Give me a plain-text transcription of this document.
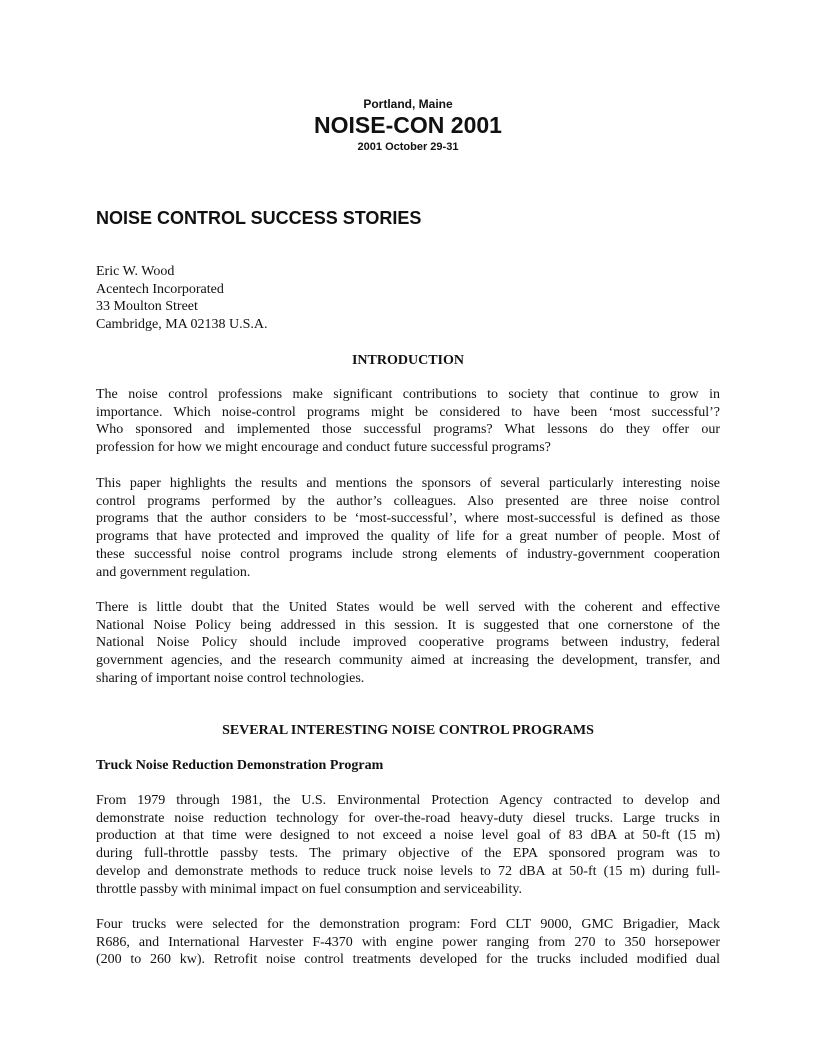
Portland, Maine
NOISE-CON 2001
2001 October 29-31
NOISE CONTROL SUCCESS STORIES
Eric W. Wood
Acentech Incorporated
33 Moulton Street
Cambridge, MA 02138 U.S.A.
INTRODUCTION
The noise control professions make significant contributions to society that continue to grow in
importance. Which noise-control programs might be considered to have been ‘most successful’?
Who sponsored and implemented those successful programs? What lessons do they offer our
profession for how we might encourage and conduct future successful programs?
This paper highlights the results and mentions the sponsors of several particularly interesting noise
control programs performed by the author’s colleagues. Also presented are three noise control
programs that the author considers to be ‘most-successful’, where most-successful is defined as those
programs that have protected and improved the quality of life for a great number of people. Most of
these successful noise control programs include strong elements of industry-government cooperation
and government regulation.
There is little doubt that the United States would be well served with the coherent and effective
National Noise Policy being addressed in this session. It is suggested that one cornerstone of the
National Noise Policy should include improved cooperative programs between industry, federal
government agencies, and the research community aimed at increasing the development, transfer, and
sharing of important noise control technologies.
SEVERAL INTERESTING NOISE CONTROL PROGRAMS
Truck Noise Reduction Demonstration Program
From 1979 through 1981, the U.S. Environmental Protection Agency contracted to develop and
demonstrate noise reduction technology for over-the-road heavy-duty diesel trucks. Large trucks in
production at that time were designed to not exceed a noise level goal of 83 dBA at 50-ft (15 m)
during full-throttle passby tests. The primary objective of the EPA sponsored program was to
develop and demonstrate methods to reduce truck noise levels to 72 dBA at 50-ft (15 m) during full-
throttle passby with minimal impact on fuel consumption and serviceability.
Four trucks were selected for the demonstration program: Ford CLT 9000, GMC Brigadier, Mack
R686, and International Harvester F-4370 with engine power ranging from 270 to 350 horsepower
(200 to 260 kw). Retrofit noise control treatments developed for the trucks included modified dual
